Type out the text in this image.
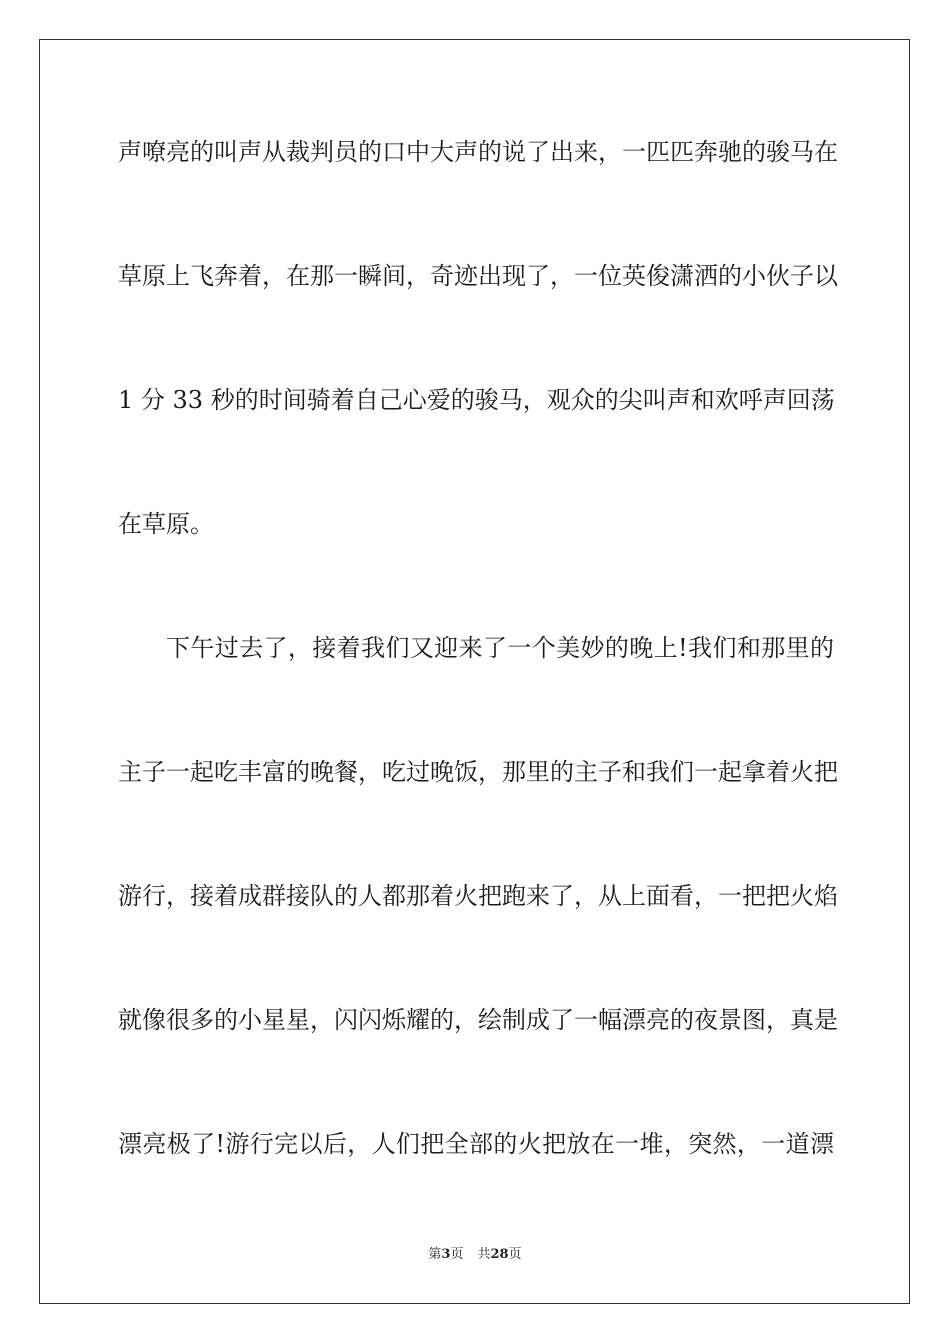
声嘹亮的叫声从裁判员的口中大声的说了出来，一匹匹奔驰的骏马在
草原上飞奔着，在那一瞬间，奇迹出现了，一位英俊潇洒的小伙子以
1 分 33 秒的时间骑着自己心爱的骏马，观众的尖叫声和欢呼声回荡
在草原。
下午过去了，接着我们又迎来了一个美妙的晚上!我们和那里的
主子一起吃丰富的晚餐，吃过晚饭，那里的主子和我们一起拿着火把
游行，接着成群接队的人都那着火把跑来了，从上面看，一把把火焰
就像很多的小星星，闪闪烁耀的，绘制成了一幅漂亮的夜景图，真是
漂亮极了!游行完以后，人们把全部的火把放在一堆，突然，一道漂
第3页 共28页
